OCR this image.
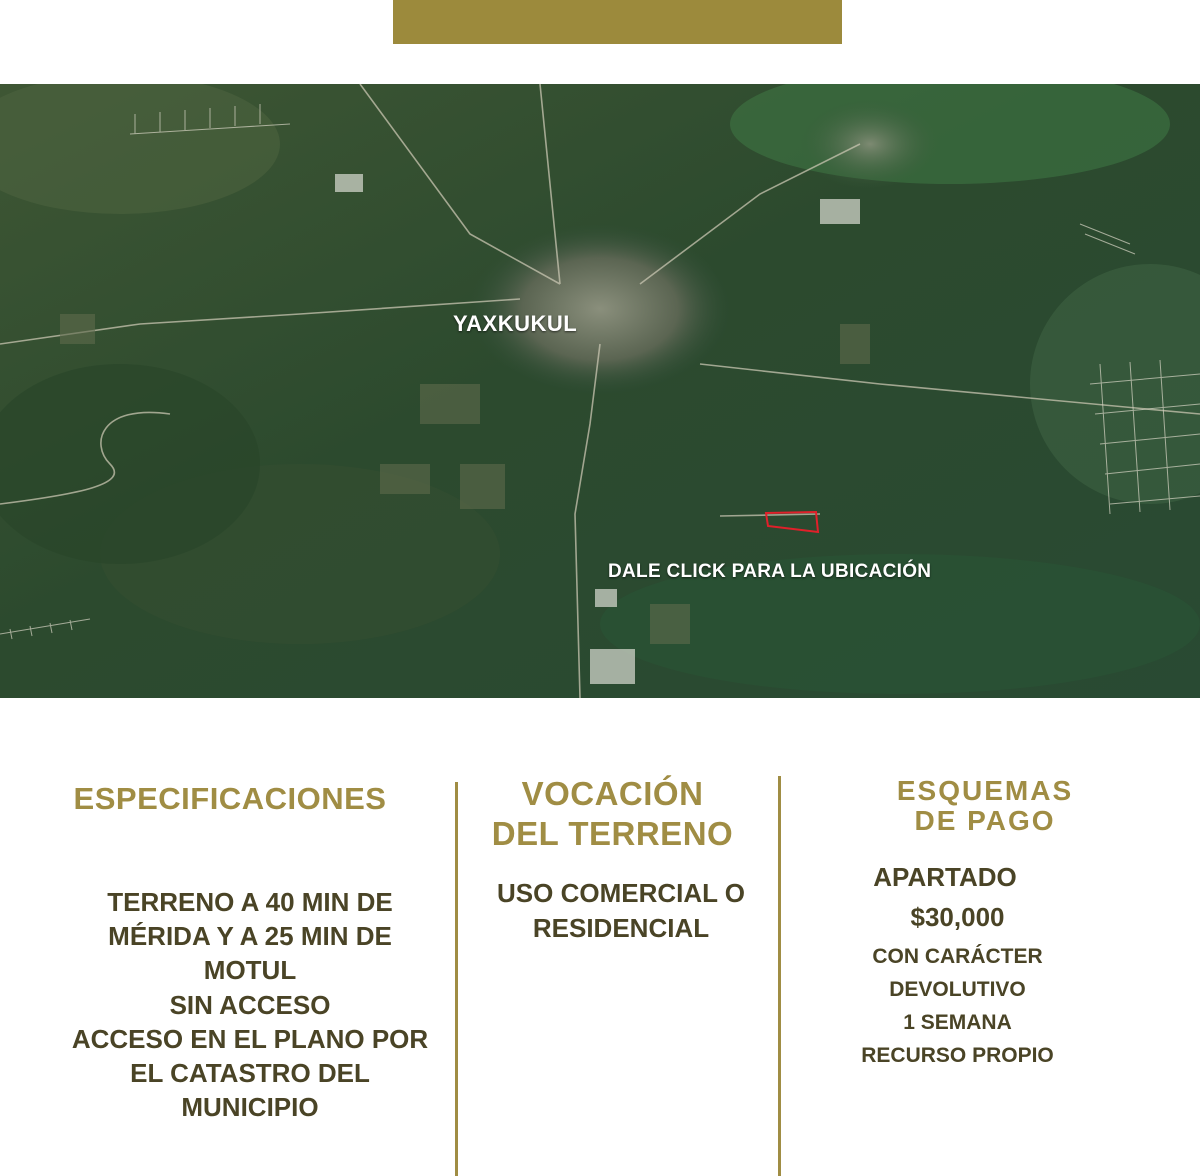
YAXKUKUL
DALE CLICK PARA LA UBICACIÓN
ESPECIFICACIONES
TERRENO A 40 MIN DE
MÉRIDA Y A 25 MIN DE
MOTUL
SIN ACCESO
ACCESO EN EL PLANO POR
EL CATASTRO DEL
MUNICIPIO
VOCACIÓN
DEL TERRENO
USO COMERCIAL O
RESIDENCIAL
ESQUEMAS
DE PAGO
APARTADO
$30,000
CON CARÁCTER
DEVOLUTIVO
1 SEMANA
RECURSO PROPIO
